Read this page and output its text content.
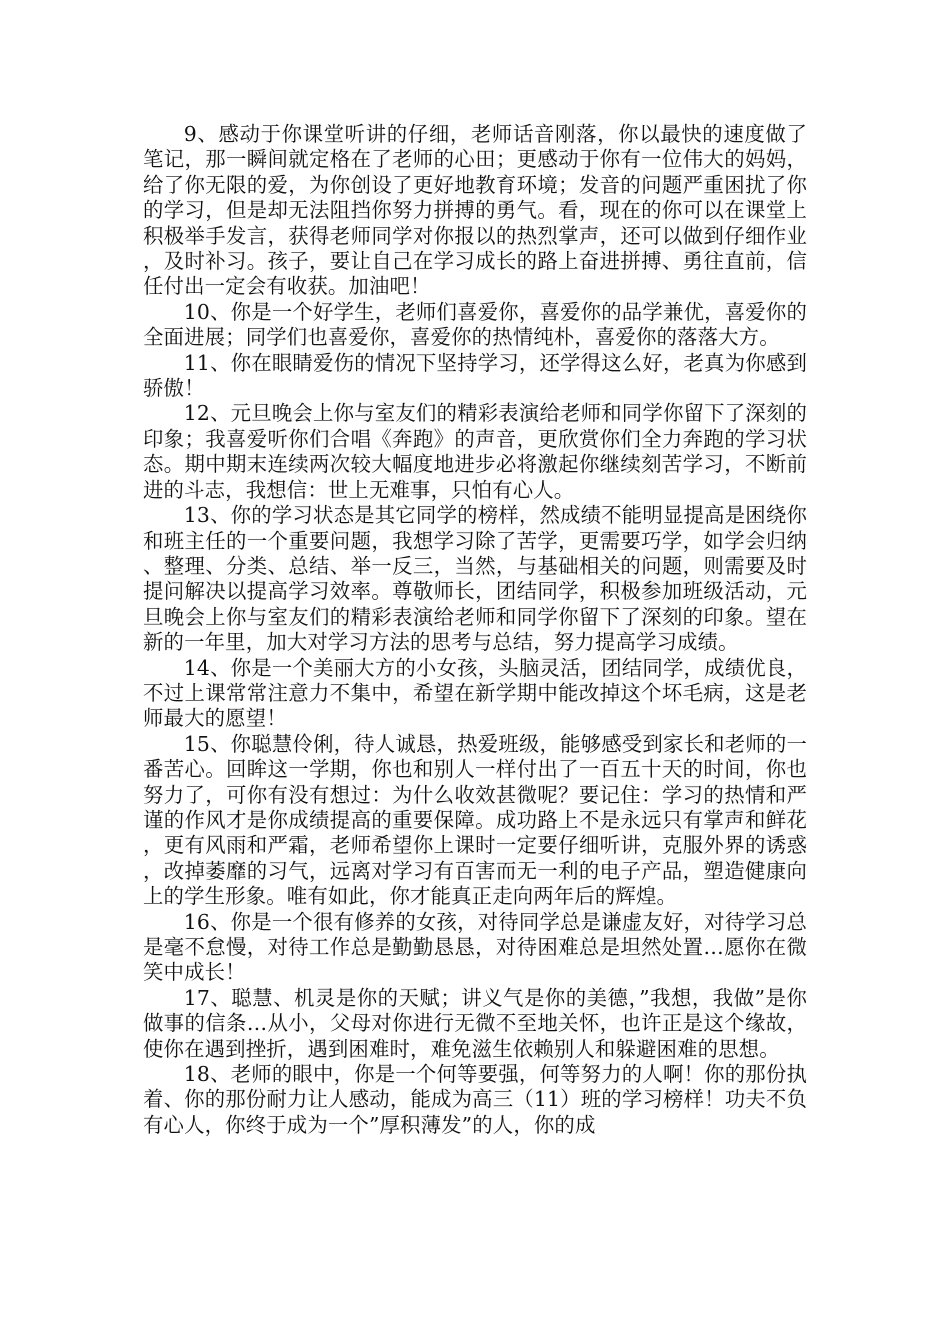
9、感动于你课堂听讲的仔细，老师话音刚落，你以最快的速度做了笔记，那一瞬间就定格在了老师的心田；更感动于你有一位伟大的妈妈，给了你无限的爱，为你创设了更好地教育环境；发音的问题严重困扰了你的学习，但是却无法阻挡你努力拼搏的勇气。看，现在的你可以在课堂上积极举手发言，获得老师同学对你报以的热烈掌声，还可以做到仔细作业，及时补习。孩子，要让自己在学习成长的路上奋进拼搏、勇往直前，信任付出一定会有收获。加油吧！

10、你是一个好学生，老师们喜爱你，喜爱你的品学兼优，喜爱你的全面进展；同学们也喜爱你，喜爱你的热情纯朴，喜爱你的落落大方。

11、你在眼睛爱伤的情况下坚持学习，还学得这么好，老真为你感到骄傲！

12、元旦晚会上你与室友们的精彩表演给老师和同学你留下了深刻的印象；我喜爱听你们合唱《奔跑》的声音，更欣赏你们全力奔跑的学习状态。期中期末连续两次较大幅度地进步必将激起你继续刻苦学习，不断前进的斗志，我想信：世上无难事，只怕有心人。

13、你的学习状态是其它同学的榜样，然成绩不能明显提高是困绕你和班主任的一个重要问题，我想学习除了苦学，更需要巧学，如学会归纳、整理、分类、总结、举一反三，当然，与基础相关的问题，则需要及时提问解决以提高学习效率。尊敬师长，团结同学，积极参加班级活动，元旦晚会上你与室友们的精彩表演给老师和同学你留下了深刻的印象。望在新的一年里，加大对学习方法的思考与总结，努力提高学习成绩。

14、你是一个美丽大方的小女孩，头脑灵活，团结同学，成绩优良，不过上课常常注意力不集中，希望在新学期中能改掉这个坏毛病，这是老师最大的愿望！

15、你聪慧伶俐，待人诚恳，热爱班级，能够感受到家长和老师的一番苦心。回眸这一学期，你也和别人一样付出了一百五十天的时间，你也努力了，可你有没有想过：为什么收效甚微呢？要记住：学习的热情和严谨的作风才是你成绩提高的重要保障。成功路上不是永远只有掌声和鲜花，更有风雨和严霜，老师希望你上课时一定要仔细听讲，克服外界的诱惑，改掉萎靡的习气，远离对学习有百害而无一利的电子产品，塑造健康向上的学生形象。唯有如此，你才能真正走向两年后的辉煌。

16、你是一个很有修养的女孩，对待同学总是谦虚友好，对待学习总是毫不怠慢，对待工作总是勤勤恳恳，对待困难总是坦然处置…愿你在微笑中成长！

17、聪慧、机灵是你的天赋；讲义气是你的美德，”我想，我做”是你做事的信条…从小，父母对你进行无微不至地关怀，也许正是这个缘故，使你在遇到挫折，遇到困难时，难免滋生依赖别人和躲避困难的思想。

18、老师的眼中，你是一个何等要强，何等努力的人啊！你的那份执着、你的那份耐力让人感动，能成为高三（11）班的学习榜样！功夫不负有心人，你终于成为一个”厚积薄发”的人，你的成
